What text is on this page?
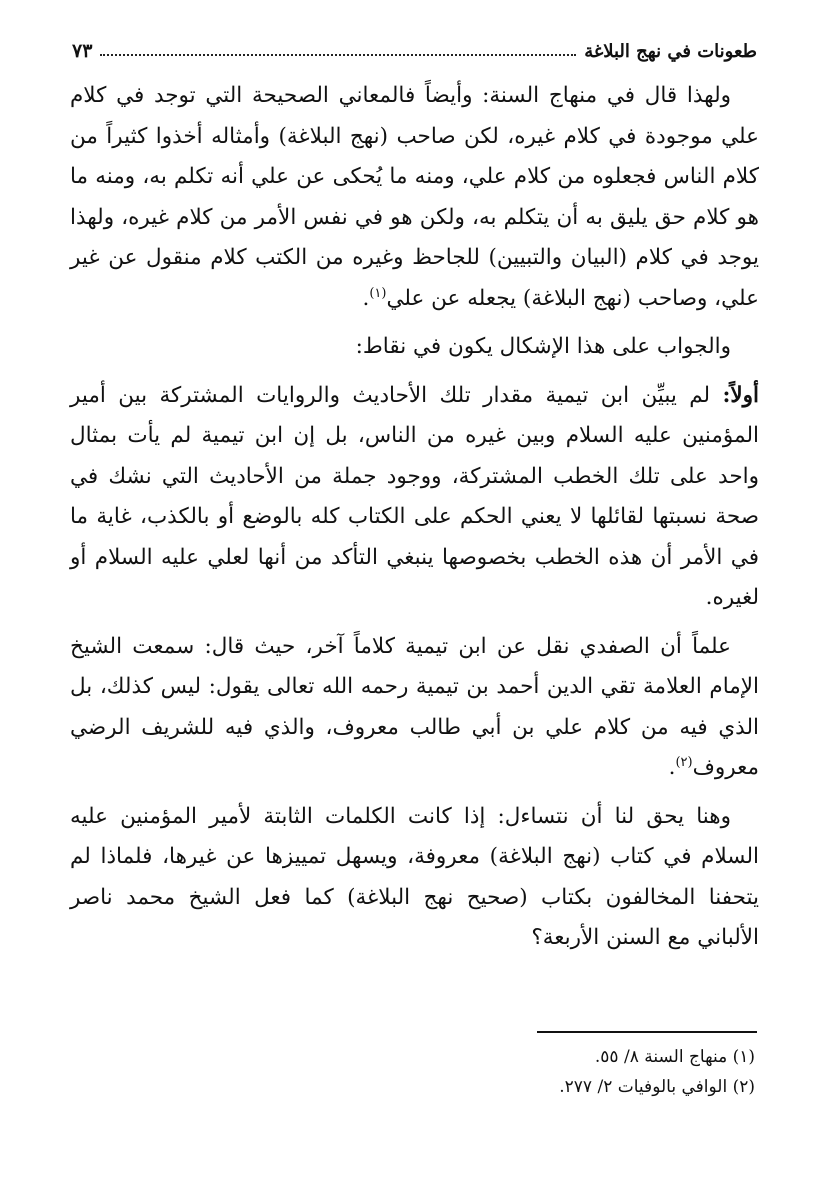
طعونات في نهج البلاغة
٧٣

ولهذا قال في منهاج السنة: وأيضاً فالمعاني الصحيحة التي توجد في كلام علي موجودة في كلام غيره، لكن صاحب (نهج البلاغة) وأمثاله أخذوا كثيراً من كلام الناس فجعلوه من كلام علي، ومنه ما يُحكى عن علي أنه تكلم به، ومنه ما هو كلام حق يليق به أن يتكلم به، ولكن هو في نفس الأمر من كلام غيره، ولهذا يوجد في كلام (البيان والتبيين) للجاحظ وغيره من الكتب كلام منقول عن غير علي، وصاحب (نهج البلاغة) يجعله عن علي$^{(١)}$.

والجواب على هذا الإشكال يكون في نقاط:

أولاً: لم يبيِّن ابن تيمية مقدار تلك الأحاديث والروايات المشتركة بين أمير المؤمنين عليه السلام وبين غيره من الناس، بل إن ابن تيمية لم يأت بمثال واحد على تلك الخطب المشتركة، ووجود جملة من الأحاديث التي نشك في صحة نسبتها لقائلها لا يعني الحكم على الكتاب كله بالوضع أو بالكذب، غاية ما في الأمر أن هذه الخطب بخصوصها ينبغي التأكد من أنها لعلي عليه السلام أو لغيره.

علماً أن الصفدي نقل عن ابن تيمية كلاماً آخر، حيث قال: سمعت الشيخ الإمام العلامة تقي الدين أحمد بن تيمية رحمه الله تعالى يقول: ليس كذلك، بل الذي فيه من كلام علي بن أبي طالب معروف، والذي فيه للشريف الرضي معروف$^{(٢)}$.

وهنا يحق لنا أن نتساءل: إذا كانت الكلمات الثابتة لأمير المؤمنين عليه السلام في كتاب (نهج البلاغة) معروفة، ويسهل تمييزها عن غيرها، فلماذا لم يتحفنا المخالفون بكتاب (صحيح نهج البلاغة) كما فعل الشيخ محمد ناصر الألباني مع السنن الأربعة؟

(١) منهاج السنة ٨/ ٥٥.
(٢) الوافي بالوفيات ٢/ ٢٧٧.
